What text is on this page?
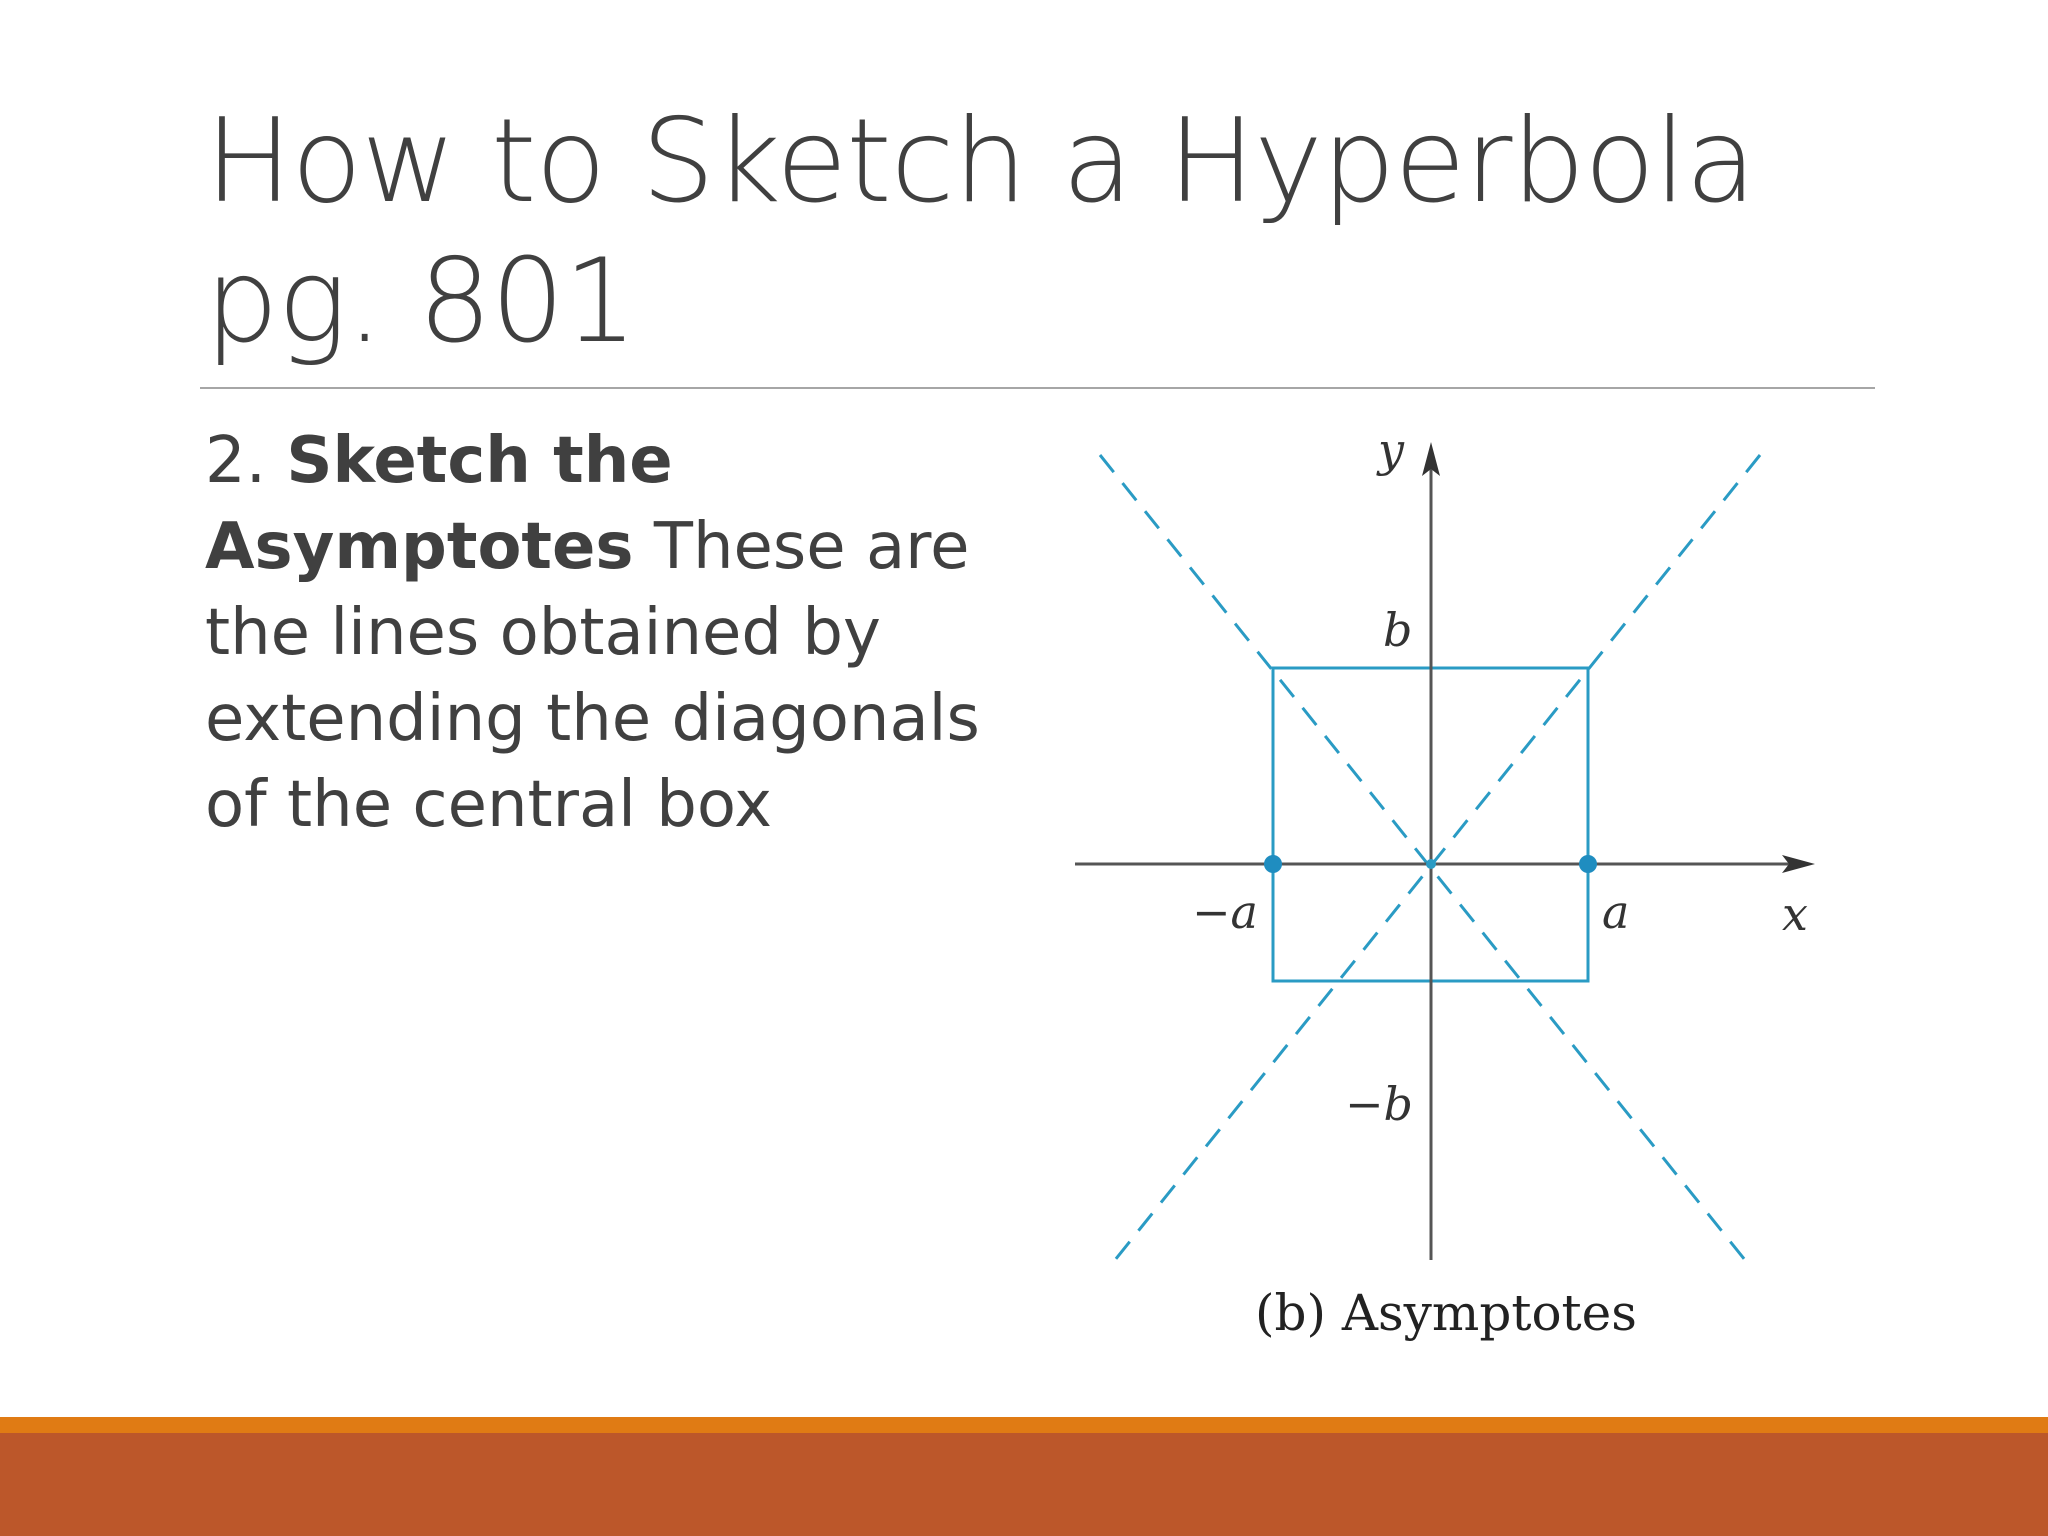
How to Sketch a Hyperbola pg. 801

2. Sketch the Asymptotes These are the lines obtained by extending the diagonals of the central box

y
x
b
−b
a
−a
(b) Asymptotes
